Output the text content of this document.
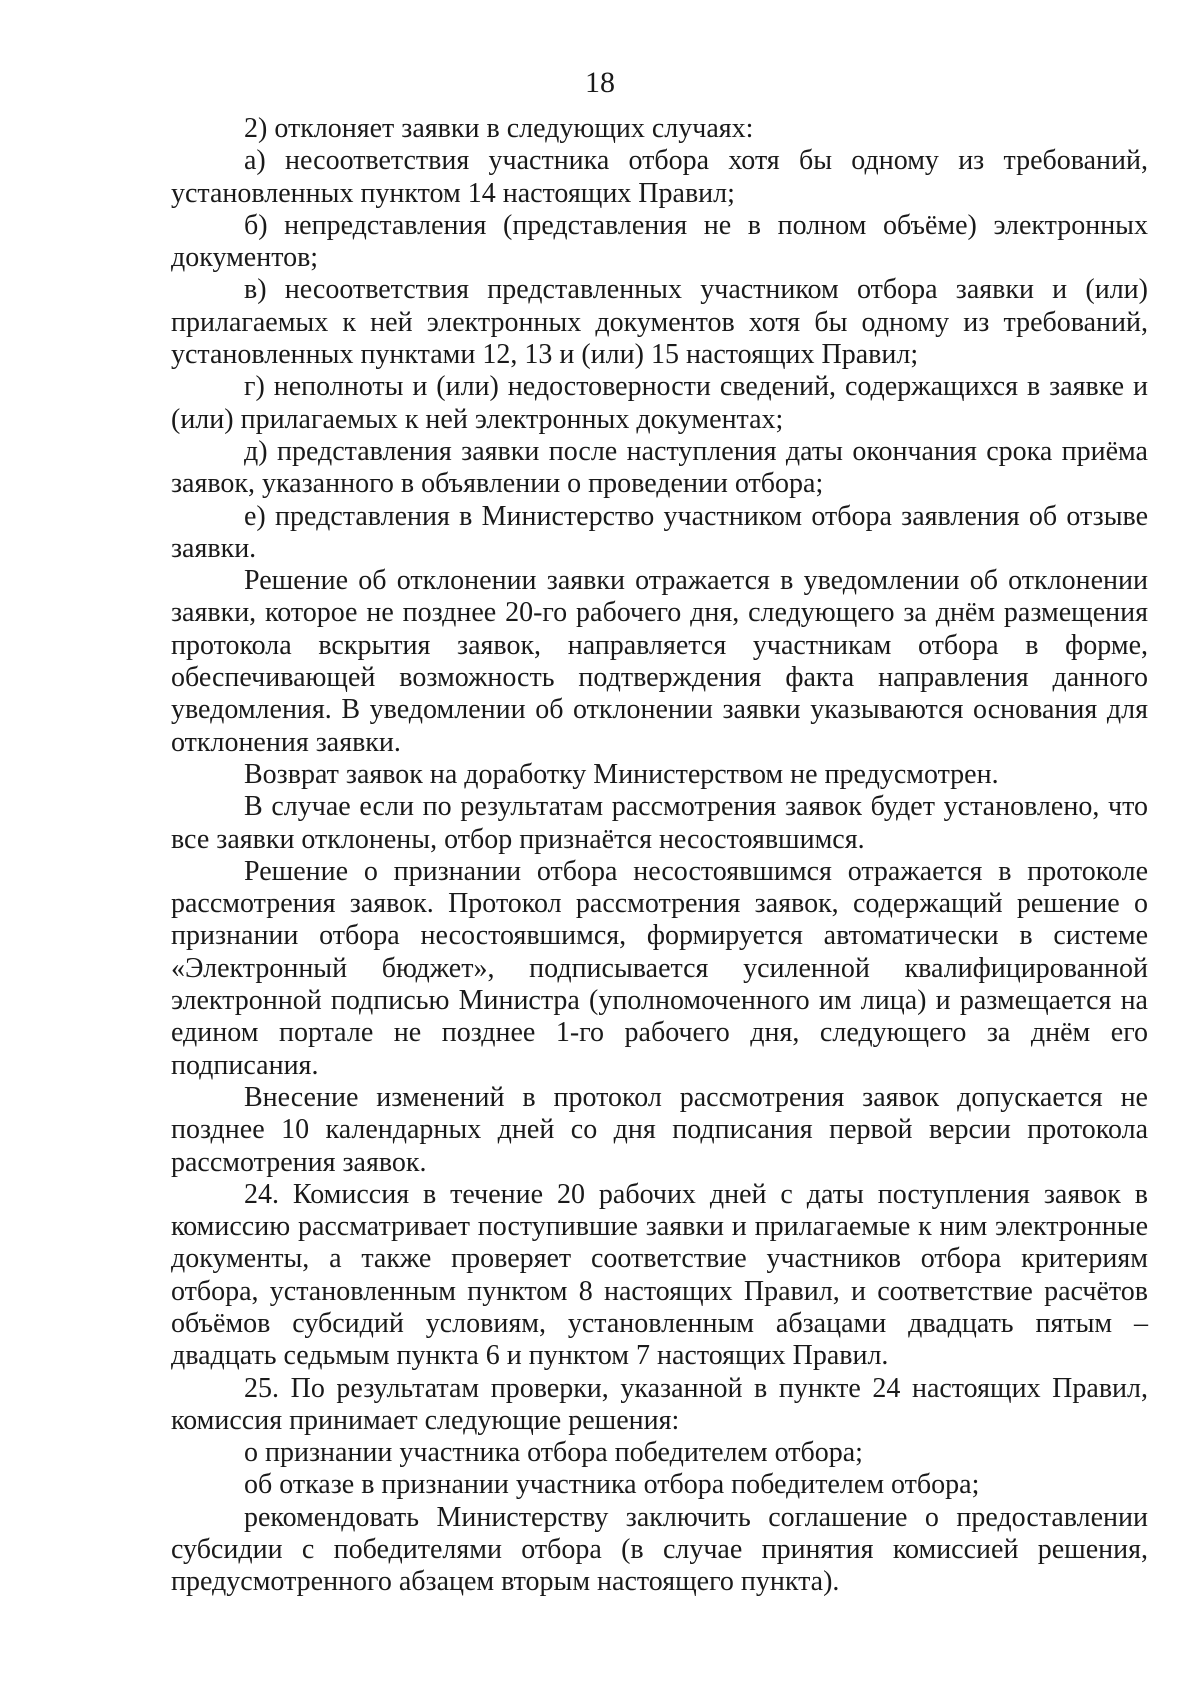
18

2) отклоняет заявки в следующих случаях:

а) несоответствия участника отбора хотя бы одному из требований, установленных пунктом 14 настоящих Правил;

б) непредставления (представления не в полном объёме) электронных документов;

в) несоответствия представленных участником отбора заявки и (или) прилагаемых к ней электронных документов хотя бы одному из требований, установленных пунктами 12, 13 и (или) 15 настоящих Правил;

г) неполноты и (или) недостоверности сведений, содержащихся в заявке и (или) прилагаемых к ней электронных документах;

д) представления заявки после наступления даты окончания срока приёма заявок, указанного в объявлении о проведении отбора;

е) представления в Министерство участником отбора заявления об отзыве заявки.

Решение об отклонении заявки отражается в уведомлении об отклонении заявки, которое не позднее 20-го рабочего дня, следующего за днём размещения протокола вскрытия заявок, направляется участникам отбора в форме, обеспечивающей возможность подтверждения факта направления данного уведомления. В уведомлении об отклонении заявки указываются основания для отклонения заявки.

Возврат заявок на доработку Министерством не предусмотрен.

В случае если по результатам рассмотрения заявок будет установлено, что все заявки отклонены, отбор признаётся несостоявшимся.

Решение о признании отбора несостоявшимся отражается в протоколе рассмотрения заявок. Протокол рассмотрения заявок, содержащий решение о признании отбора несостоявшимся, формируется автоматически в системе «Электронный бюджет», подписывается усиленной квалифицированной электронной подписью Министра (уполномоченного им лица) и размещается на едином портале не позднее 1-го рабочего дня, следующего за днём его подписания.

Внесение изменений в протокол рассмотрения заявок допускается не позднее 10 календарных дней со дня подписания первой версии протокола рассмотрения заявок.

24. Комиссия в течение 20 рабочих дней с даты поступления заявок в комиссию рассматривает поступившие заявки и прилагаемые к ним электронные документы, а также проверяет соответствие участников отбора критериям отбора, установленным пунктом 8 настоящих Правил, и соответствие расчётов объёмов субсидий условиям, установленным абзацами двадцать пятым – двадцать седьмым пункта 6 и пунктом 7 настоящих Правил.

25. По результатам проверки, указанной в пункте 24 настоящих Правил, комиссия принимает следующие решения:

о признании участника отбора победителем отбора;

об отказе в признании участника отбора победителем отбора;

рекомендовать Министерству заключить соглашение о предоставлении субсидии с победителями отбора (в случае принятия комиссией решения, предусмотренного абзацем вторым настоящего пункта).
